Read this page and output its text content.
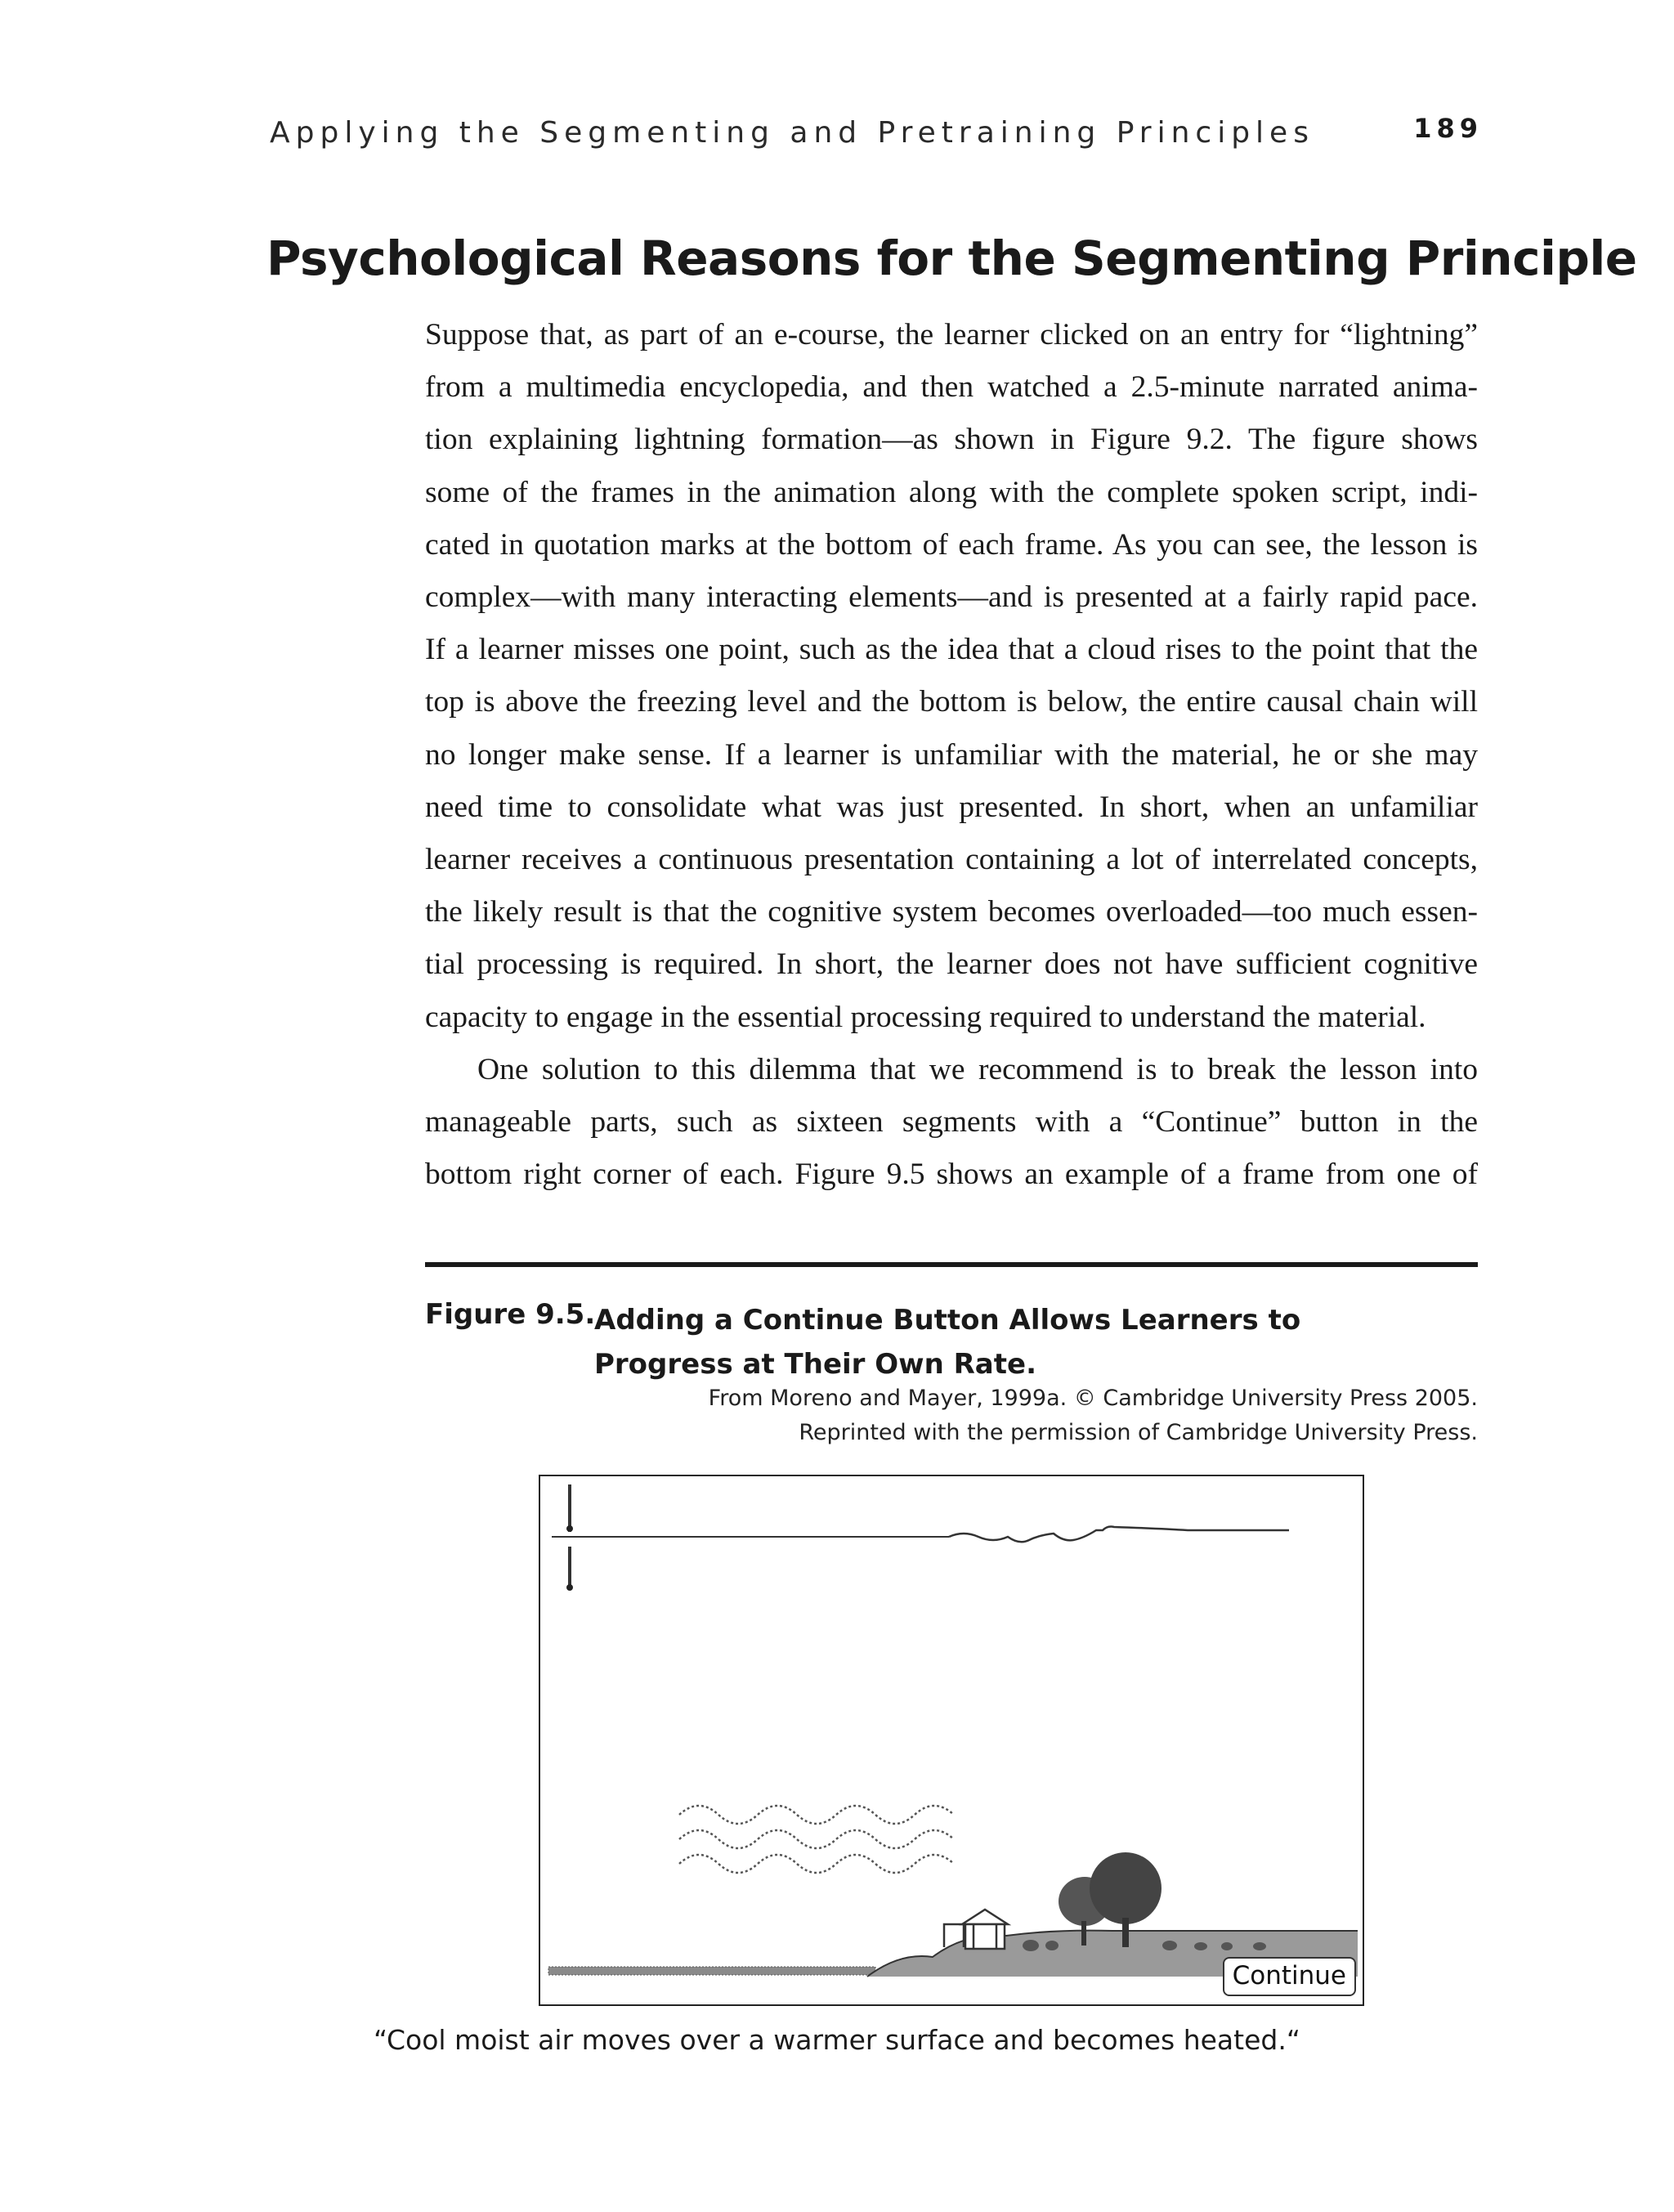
Applying the Segmenting and Pretraining Principles	189
Psychological Reasons for the Segmenting Principle
Suppose that, as part of an e-course, the learner clicked on an entry for “lightning”
from a multimedia encyclopedia, and then watched a 2.5-minute narrated anima-
tion explaining lightning formation—as shown in Figure 9.2. The figure shows
some of the frames in the animation along with the complete spoken script, indi-
cated in quotation marks at the bottom of each frame. As you can see, the lesson is
complex—with many interacting elements—and is presented at a fairly rapid pace.
If a learner misses one point, such as the idea that a cloud rises to the point that the
top is above the freezing level and the bottom is below, the entire causal chain will
no longer make sense. If a learner is unfamiliar with the material, he or she may
need time to consolidate what was just presented. In short, when an unfamiliar
learner receives a continuous presentation containing a lot of interrelated concepts,
the likely result is that the cognitive system becomes overloaded—too much essen-
tial processing is required. In short, the learner does not have sufficient cognitive
capacity to engage in the essential processing required to understand the material.
One solution to this dilemma that we recommend is to break the lesson into
manageable parts, such as sixteen segments with a “Continue” button in the
bottom right corner of each. Figure 9.5 shows an example of a frame from one of
Figure 9.5.
Adding a Continue Button Allows Learners to Progress at Their Own Rate.
From Moreno and Mayer, 1999a. © Cambridge University Press 2005.
Reprinted with the permission of Cambridge University Press.
Continue
“Cool moist air moves over a warmer surface and becomes heated.“
